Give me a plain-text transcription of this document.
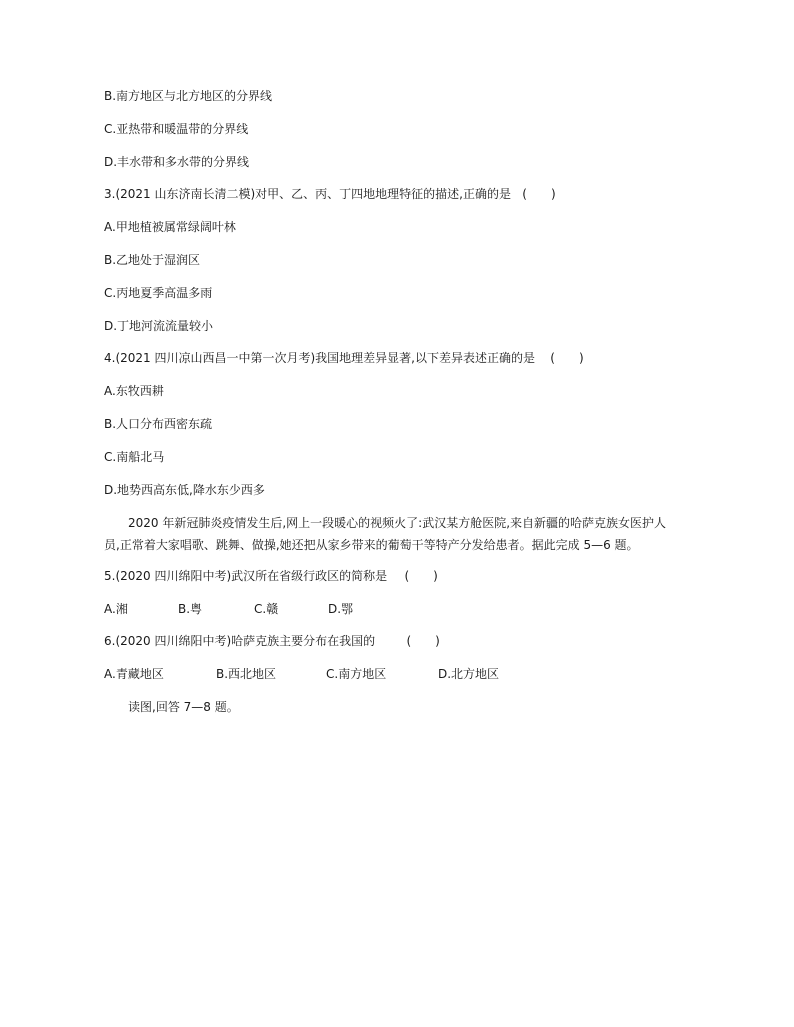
B.南方地区与北方地区的分界线
C.亚热带和暖温带的分界线
D.丰水带和多水带的分界线
3.(2021 山东济南长清二模)对甲、乙、丙、丁四地地理特征的描述,正确的是 (　　)
A.甲地植被属常绿阔叶林
B.乙地处于湿润区
C.丙地夏季高温多雨
D.丁地河流流量较小
4.(2021 四川凉山西昌一中第一次月考)我国地理差异显著,以下差异表述正确的是 (　　)
A.东牧西耕
B.人口分布西密东疏
C.南船北马
D.地势西高东低,降水东少西多
2020 年新冠肺炎疫情发生后,网上一段暖心的视频火了:武汉某方舱医院,来自新疆的哈萨克族女医护人
员,正常着大家唱歌、跳舞、做操,她还把从家乡带来的葡萄干等特产分发给患者。据此完成 5—6 题。
5.(2020 四川绵阳中考)武汉所在省级行政区的简称是 (　　)
A.湘	B.粤	C.赣	D.鄂
6.(2020 四川绵阳中考)哈萨克族主要分布在我国的	(　　)
A.青藏地区	B.西北地区	C.南方地区	D.北方地区
读图,回答 7—8 题。
